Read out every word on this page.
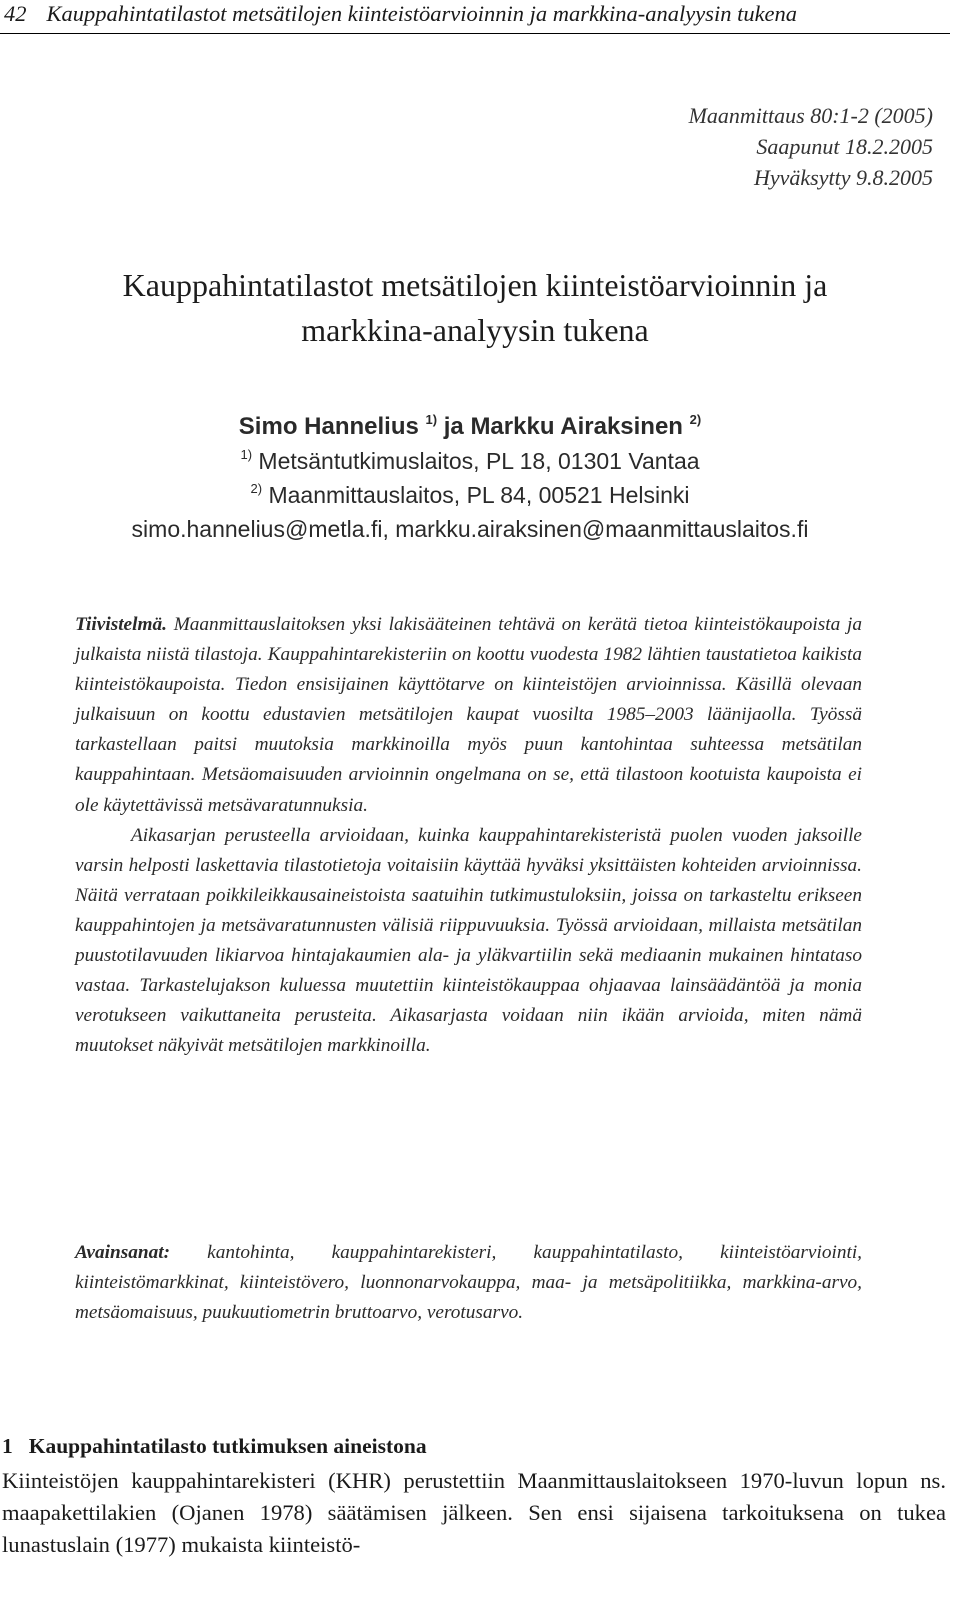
42 Kauppahintatilastot metsätilojen kiinteistöarvioinnin ja markkina-analyysin tukena
Maanmittaus 80:1-2 (2005)
Saapunut 18.2.2005
Hyväksytty 9.8.2005
Kauppahintatilastot metsätilojen kiinteistöarvioinnin ja
markkina-analyysin tukena
Simo Hannelius $^{1)}$ ja Markku Airaksinen $^{2)}$
$^{1)}$ Metsäntutkimuslaitos, PL 18, 01301 Vantaa
$^{2)}$ Maanmittauslaitos, PL 84, 00521 Helsinki
simo.hannelius@metla.fi, markku.airaksinen@maanmittauslaitos.fi

Tiivistelmä. Maanmittauslaitoksen yksi lakisääteinen tehtävä on kerätä tietoa kiinteistökaupoista ja julkaista niistä tilastoja. Kauppahintarekisteriin on koottu vuodesta 1982 lähtien taustatietoa kaikista kiinteistökaupoista. Tiedon ensisijainen käyttötarve on kiinteistöjen arvioinnissa. Käsillä olevaan julkaisuun on koottu edustavien metsätilojen kaupat vuosilta 1985–2003 läänijaolla. Työssä tarkastellaan paitsi muutoksia markkinoilla myös puun kantohintaa suhteessa metsätilan kauppahintaan. Metsäomaisuuden arvioinnin ongelmana on se, että tilastoon kootuista kaupoista ei ole käytettävissä metsävaratunnuksia.

Aikasarjan perusteella arvioidaan, kuinka kauppahintarekisteristä puolen vuoden jaksoille varsin helposti laskettavia tilastotietoja voitaisiin käyttää hyväksi yksittäisten kohteiden arvioinnissa. Näitä verrataan poikkileikkausaineistoista saatuihin tutkimustuloksiin, joissa on tarkasteltu erikseen kauppahintojen ja metsävaratunnusten välisiä riippuvuuksia. Työssä arvioidaan, millaista metsätilan puustotilavuuden likiarvoa hintajakaumien ala- ja yläkvartiilin sekä mediaanin mukainen hintataso vastaa. Tarkastelujakson kuluessa muutettiin kiinteistökauppaa ohjaavaa lainsäädäntöä ja monia verotukseen vaikuttaneita perusteita. Aikasarjasta voidaan niin ikään arvioida, miten nämä muutokset näkyivät metsätilojen markkinoilla.

Avainsanat: kantohinta, kauppahintarekisteri, kauppahintatilasto, kiinteistöarviointi, kiinteistömarkkinat, kiinteistövero, luonnonarvokauppa, maa- ja metsäpolitiikka, markkina-arvo, metsäomaisuus, puukuutiometrin bruttoarvo, verotusarvo.
1 Kauppahintatilasto tutkimuksen aineistona
Kiinteistöjen kauppahintarekisteri (KHR) perustettiin Maanmittauslaitokseen 1970-luvun lopun ns. maapakettilakien (Ojanen 1978) säätämisen jälkeen. Sen ensi sijaisena tarkoituksena on tukea lunastuslain (1977) mukaista kiinteistö-
